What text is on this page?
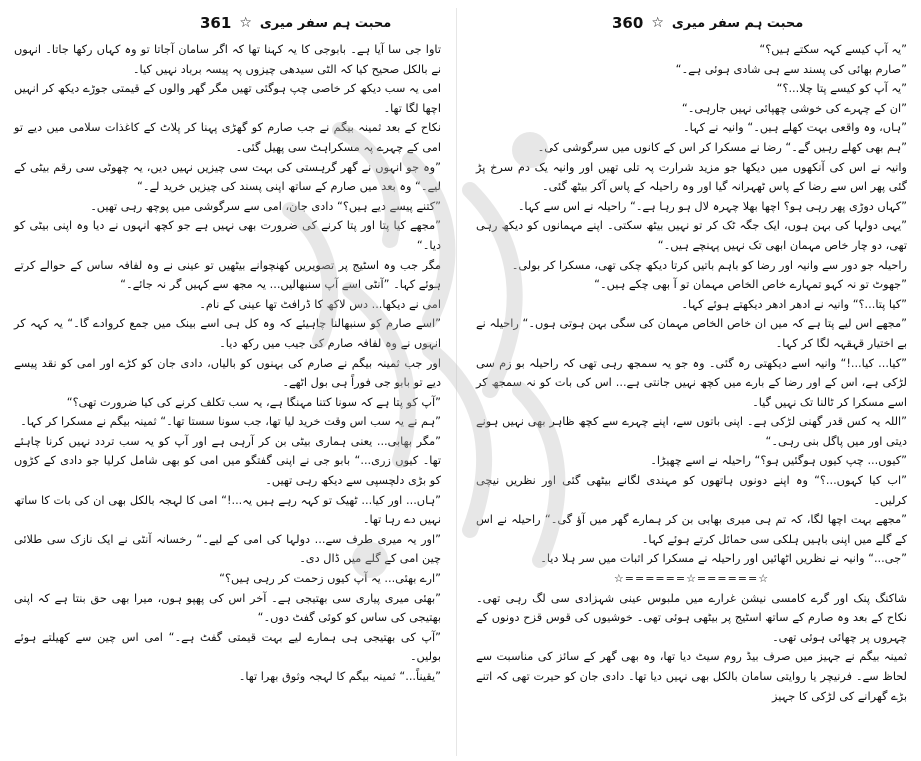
محبت ہم سفر میری
☆
361

تاوا جی سا آیا ہے۔ بابوجی کا یہ کہنا تھا کہ اگر سامان آجاتا تو وہ کہاں رکھا جاتا۔ انہوں نے بالکل صحیح کیا کہ الٹی سیدھی چیزوں پہ پیسہ برباد نہیں کیا۔

امی یہ سب دیکھ کر خاصی چپ ہوگئی تھیں مگر گھر والوں کے قیمتی جوڑے دیکھ کر انہیں اچھا لگا تھا۔

نکاح کے بعد ثمینہ بیگم نے جب صارم کو گھڑی پہنا کر پلاٹ کے کاغذات سلامی میں دیے تو امی کے چہرے پہ مسکراہٹ سی پھیل گئی۔

”وہ جو انہوں نے گھر گرہستی کی بہت سی چیزیں نہیں دیں، یہ چھوٹی سی رقم بیٹی کے لیے۔“ وہ بعد میں صارم کے ساتھ اپنی پسند کی چیزیں خرید لے۔“

”کتنے پیسے دیے ہیں؟“ دادی جان، امی سے سرگوشی میں پوچھ رہی تھیں۔

”مجھے کیا پتا اور پتا کرنے کی ضرورت بھی نہیں ہے جو کچھ انہوں نے دیا وہ اپنی بیٹی کو دیا۔“

مگر جب وہ اسٹیج پر تصویریں کھنچوانے بیٹھیں تو عینی نے وہ لفافہ ساس کے حوالے کرتے ہوئے کہا۔ ”آنٹی اسے آپ سنبھالیں... یہ مجھ سے کہیں گر نہ جائے۔“

امی نے دیکھا... دس لاکھ کا ڈرافٹ تھا عینی کے نام۔

”اسے صارم کو سنبھالنا چاہیئے کہ وہ کل ہی اسے بینک میں جمع کروادے گا۔“ یہ کہہ کر انہوں نے وہ لفافہ صارم کی جیب میں رکھ دیا۔

اور جب ثمینہ بیگم نے صارم کی بہنوں کو بالیاں، دادی جان کو کڑے اور امی کو نقد پیسے دیے تو بابو جی فوراً ہی بول اٹھے۔

”آپ کو پتا ہے کہ سونا کتنا مہنگا ہے، یہ سب تکلف کرنے کی کیا ضرورت تھی؟“

”ہم نے یہ سب اس وقت خرید لیا تھا، جب سونا سستا تھا۔“ ثمینہ بیگم نے مسکرا کر کہا۔

”مگر بھابی... یعنی ہماری بیٹی بن کر آرہی ہے اور آپ کو یہ سب تردد نہیں کرنا چاہئے تھا۔ کیوں زری...“ بابو جی نے اپنی گفتگو میں امی کو بھی شامل کرلیا جو دادی کے کڑوں کو بڑی دلچسپی سے دیکھ رہی تھیں۔

”ہاں... اور کیا... ٹھیک تو کہہ رہے ہیں یہ...!“ امی کا لہجہ بالکل بھی ان کی بات کا ساتھ نہیں دے رہا تھا۔

”اور یہ میری طرف سے... دولہا کی امی کے لیے۔“ رخسانہ آنٹی نے ایک نازک سی طلائی چین امی کے گلے میں ڈال دی۔

”ارے بھئی... یہ آپ کیوں زحمت کر رہی ہیں؟“

”بھئی میری پیاری سی بھتیجی ہے۔ آخر اس کی پھپو ہوں، میرا بھی حق بنتا ہے کہ اپنی بھتیجی کی ساس کو کوئی گفٹ دوں۔“

”آپ کی بھتیجی ہی ہمارے لیے بہت قیمتی گفٹ ہے۔“ امی اس چین سے کھیلتے ہوئے بولیں۔

”یقیناً...“ ثمینہ بیگم کا لہجہ وثوق بھرا تھا۔

محبت ہم سفر میری
☆
360

”یہ آپ کیسے کہہ سکتے ہیں؟“

”صارم بھائی کی پسند سے ہی شادی ہوئی ہے۔“

”یہ آپ کو کیسے پتا چلا...؟“

”ان کے چہرے کی خوشی چھپائی نہیں جارہی۔“

”ہاں، وہ واقعی بہت کھلے ہیں۔“ وانیہ نے کہا۔

”ہم بھی کھلے رہیں گے۔“ رضا نے مسکرا کر اس کے کانوں میں سرگوشی کی۔

وانیہ نے اس کی آنکھوں میں دیکھا جو مزید شرارت پہ تلی تھیں اور وانیہ یک دم سرخ پڑ گئی پھر اس سے رضا کے پاس ٹھہرانہ گیا اور وہ راحیلہ کے پاس آکر بیٹھ گئی۔

”کہاں دوڑی پھر رہی ہو؟ اچھا بھلا چہرہ لال ہو رہا ہے۔“ راحیلہ نے اس سے کہا۔

”یہی دولہا کی بہن ہوں، ایک جگہ ٹک کر تو نہیں بیٹھ سکتی۔ اپنے مہمانوں کو دیکھ رہی تھی، دو چار خاص مہمان ابھی تک نہیں پہنچے ہیں۔“

راحیلہ جو دور سے وانیہ اور رضا کو باہم باتیں کرتا دیکھ چکی تھی، مسکرا کر بولی۔

”جھوٹ تو نہ کہو تمہارے خاص الخاص مہمان تو آ بھی چکے ہیں۔“

”کیا پتا...؟“ وانیہ نے ادھر ادھر دیکھتے ہوئے کہا۔

”مجھے اس لیے پتا ہے کہ میں ان خاص الخاص مہمان کی سگی بہن ہوتی ہوں۔“ راحیلہ نے بے اختیار قہقہہ لگا کر کہا۔

”کیا... کیا...!“ وانیہ اسے دیکھتی رہ گئی۔ وہ جو یہ سمجھ رہی تھی کہ راحیلہ بو زم سی لڑکی ہے، اس کے اور رضا کے بارے میں کچھ نہیں جانتی ہے... اس کی بات کو نہ سمجھ کر اسے مسکرا کر ٹالنا تک نہیں گیا۔

”اللہ یہ کس قدر گھنی لڑکی ہے۔ اپنی باتوں سے، اپنے چہرے سے کچھ ظاہر بھی نہیں ہونے دیتی اور میں پاگل بنی رہی۔“

”کیوں... چپ کیوں ہوگئیں ہو؟“ راحیلہ نے اسے چھیڑا۔

”اب کیا کہوں...؟“ وہ اپنے دونوں ہاتھوں کو مہندی لگانے بیٹھی گئی اور نظریں نیچی کرلیں۔

”مجھے بہت اچھا لگا، کہ تم ہی میری بھابی بن کر ہمارے گھر میں آؤ گی۔“ راحیلہ نے اس کے گلے میں اپنی باہیں ہلکی سی حمائل کرتے ہوئے کہا۔

”جی...“ وانیہ نے نظریں اٹھائیں اور راحیلہ نے مسکرا کر اثبات میں سر ہلا دیا۔

☆======☆======☆

شاکنگ پنک اور گرے کامسی نیشن غرارے میں ملبوس عینی شہزادی سی لگ رہی تھی۔ نکاح کے بعد وہ صارم کے ساتھ اسٹیج پر بیٹھی ہوئی تھی۔ خوشیوں کی قوس قزح دونوں کے چہروں پر چھائی ہوئی تھی۔

ثمینہ بیگم نے جہیز میں صرف بیڈ روم سیٹ دیا تھا، وہ بھی گھر کے سائز کی مناسبت سے لحاظ سے۔ فرنیچر یا روایتی سامان بالکل بھی نہیں دیا تھا۔ دادی جان کو حیرت تھی کہ اتنے بڑے گھرانے کی لڑکی کا جہیز
